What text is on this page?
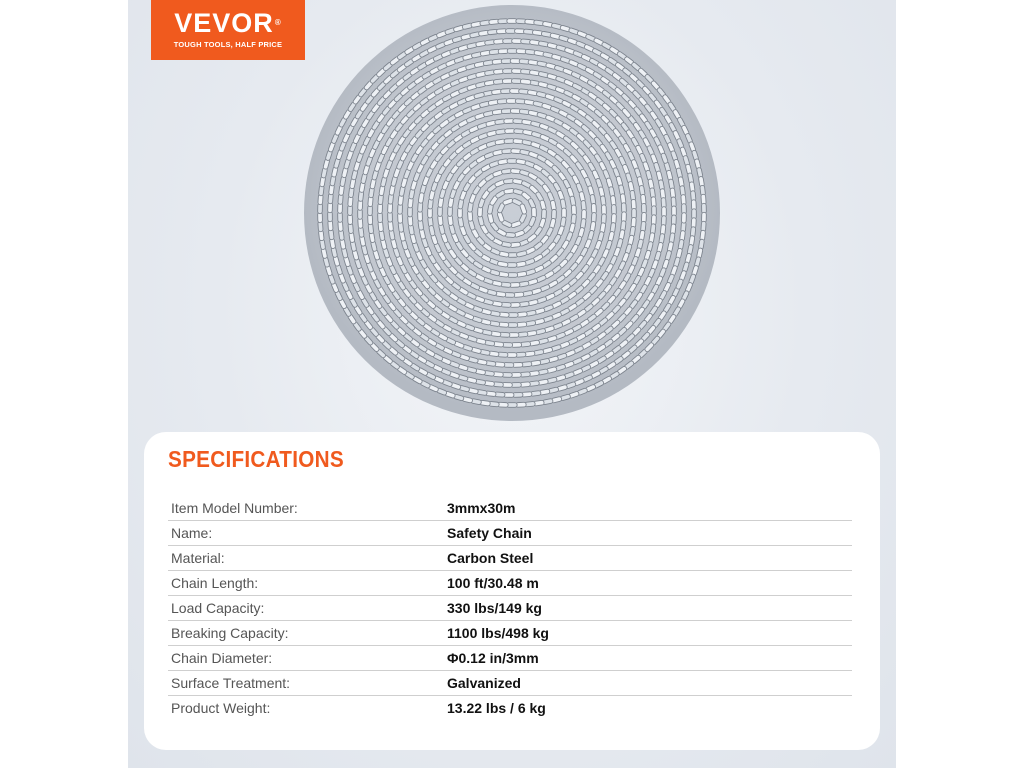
VEVOR®
TOUGH TOOLS, HALF PRICE
SPECIFICATIONS
Item Model Number:	3mmx30m
Name:	Safety Chain
Material:	Carbon Steel
Chain Length:	100 ft/30.48 m
Load Capacity:	330 lbs/149 kg
Breaking Capacity:	1100 lbs/498 kg
Chain Diameter:	Φ0.12 in/3mm
Surface Treatment:	Galvanized
Product Weight:	13.22 lbs / 6 kg
